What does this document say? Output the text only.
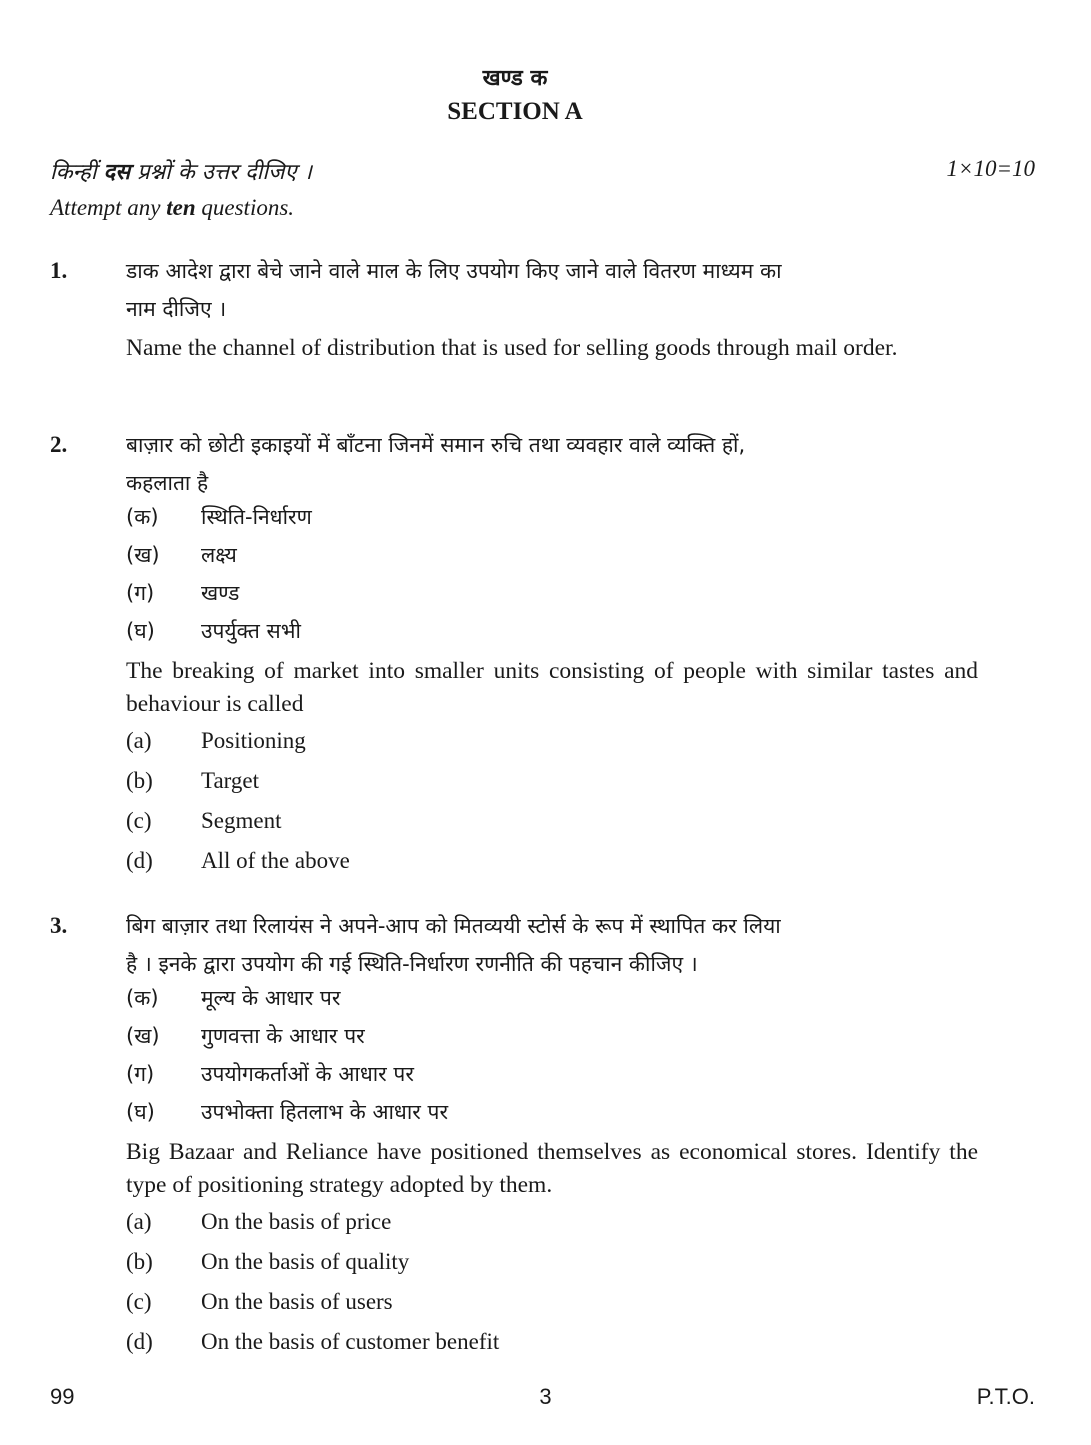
खण्ड क
SECTION A
किन्हीं दस प्रश्नों के उत्तर दीजिए ।	1×10=10
Attempt any ten questions.
1.	डाक आदेश द्वारा बेचे जाने वाले माल के लिए उपयोग किए जाने वाले वितरण माध्यम का
नाम दीजिए ।
Name the channel of distribution that is used for selling goods through mail order.
2.	बाज़ार को छोटी इकाइयों में बाँटना जिनमें समान रुचि तथा व्यवहार वाले व्यक्ति हों,
कहलाता है
(क) स्थिति-निर्धारण
(ख) लक्ष्य
(ग) खण्ड
(घ) उपर्युक्त सभी
The breaking of market into smaller units consisting of people with similar tastes and behaviour is called
(a) Positioning
(b) Target
(c) Segment
(d) All of the above
3.	बिग बाज़ार तथा रिलायंस ने अपने-आप को मितव्ययी स्टोर्स के रूप में स्थापित कर लिया
है । इनके द्वारा उपयोग की गई स्थिति-निर्धारण रणनीति की पहचान कीजिए ।
(क) मूल्य के आधार पर
(ख) गुणवत्ता के आधार पर
(ग) उपयोगकर्ताओं के आधार पर
(घ) उपभोक्ता हितलाभ के आधार पर
Big Bazaar and Reliance have positioned themselves as economical stores. Identify the type of positioning strategy adopted by them.
(a) On the basis of price
(b) On the basis of quality
(c) On the basis of users
(d) On the basis of customer benefit
99	3	P.T.O.
